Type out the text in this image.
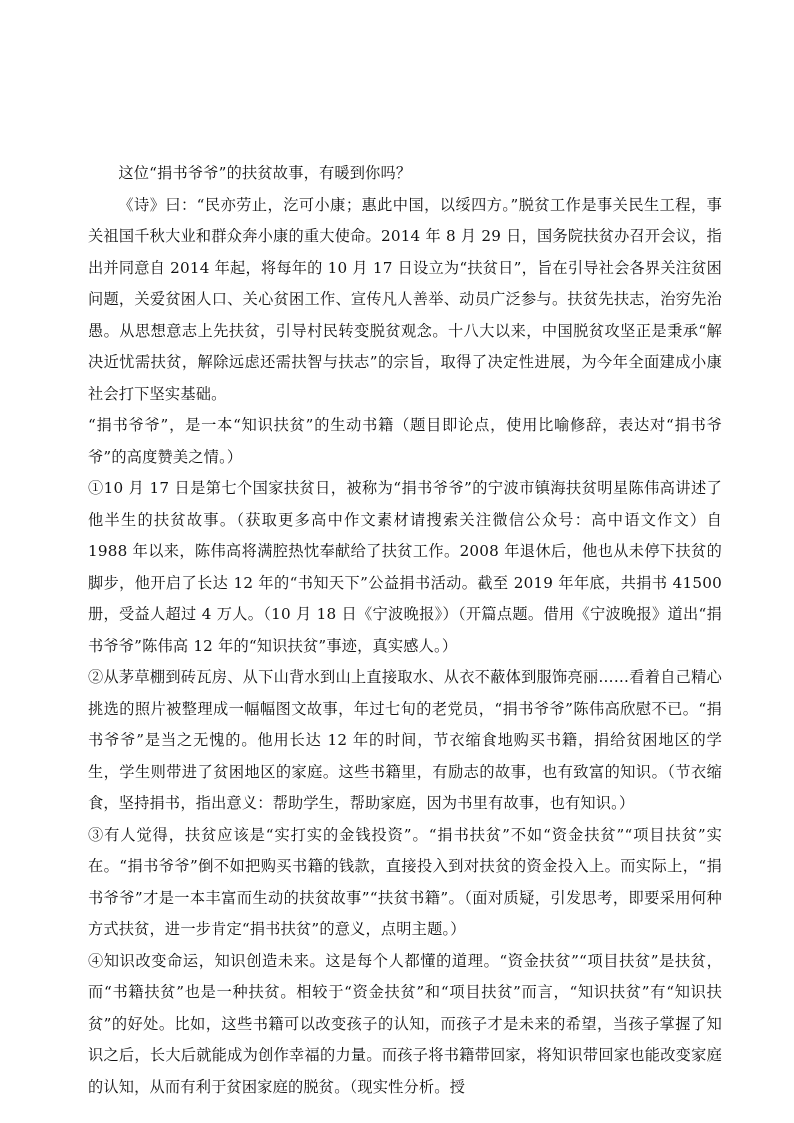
这位“捐书爷爷”的扶贫故事，有暖到你吗？

《诗》曰：“民亦劳止，汔可小康；惠此中国，以绥四方。”脱贫工作是事关民生工程，事关祖国千秋大业和群众奔小康的重大使命。2014 年 8 月 29 日，国务院扶贫办召开会议，指出并同意自 2014 年起，将每年的 10 月 17 日设立为“扶贫日”，旨在引导社会各界关注贫困问题，关爱贫困人口、关心贫困工作、宣传凡人善举、动员广泛参与。扶贫先扶志，治穷先治愚。从思想意志上先扶贫，引导村民转变脱贫观念。十八大以来，中国脱贫攻坚正是秉承“解决近忧需扶贫，解除远虑还需扶智与扶志”的宗旨，取得了决定性进展，为今年全面建成小康社会打下坚实基础。

“捐书爷爷”，是一本“知识扶贫”的生动书籍（题目即论点，使用比喻修辞，表达对“捐书爷爷”的高度赞美之情。）

①10 月 17 日是第七个国家扶贫日，被称为“捐书爷爷”的宁波市镇海扶贫明星陈伟高讲述了他半生的扶贫故事。（获取更多高中作文素材请搜索关注微信公众号：高中语文作文）自 1988 年以来，陈伟高将满腔热忱奉献给了扶贫工作。2008 年退休后，他也从未停下扶贫的脚步，他开启了长达 12 年的“书知天下”公益捐书活动。截至 2019 年年底，共捐书 41500 册，受益人超过 4 万人。（10 月 18 日《宁波晚报》）（开篇点题。借用《宁波晚报》道出“捐书爷爷”陈伟高 12 年的“知识扶贫”事迹，真实感人。）

②从茅草棚到砖瓦房、从下山背水到山上直接取水、从衣不蔽体到服饰亮丽……看着自己精心挑选的照片被整理成一幅幅图文故事，年过七旬的老党员，“捐书爷爷”陈伟高欣慰不已。“捐书爷爷”是当之无愧的。他用长达 12 年的时间，节衣缩食地购买书籍，捐给贫困地区的学生，学生则带进了贫困地区的家庭。这些书籍里，有励志的故事，也有致富的知识。（节衣缩食，坚持捐书，指出意义：帮助学生，帮助家庭，因为书里有故事，也有知识。）

③有人觉得，扶贫应该是“实打实的金钱投资”。“捐书扶贫”不如“资金扶贫”“项目扶贫”实在。“捐书爷爷”倒不如把购买书籍的钱款，直接投入到对扶贫的资金投入上。而实际上，“捐书爷爷”才是一本丰富而生动的扶贫故事”“扶贫书籍”。（面对质疑，引发思考，即要采用何种方式扶贫，进一步肯定“捐书扶贫”的意义，点明主题。）

④知识改变命运，知识创造未来。这是每个人都懂的道理。“资金扶贫”“项目扶贫”是扶贫，而“书籍扶贫”也是一种扶贫。相较于“资金扶贫”和“项目扶贫”而言，“知识扶贫”有“知识扶贫”的好处。比如，这些书籍可以改变孩子的认知，而孩子才是未来的希望，当孩子掌握了知识之后，长大后就能成为创作幸福的力量。而孩子将书籍带回家，将知识带回家也能改变家庭的认知，从而有利于贫困家庭的脱贫。（现实性分析。授
